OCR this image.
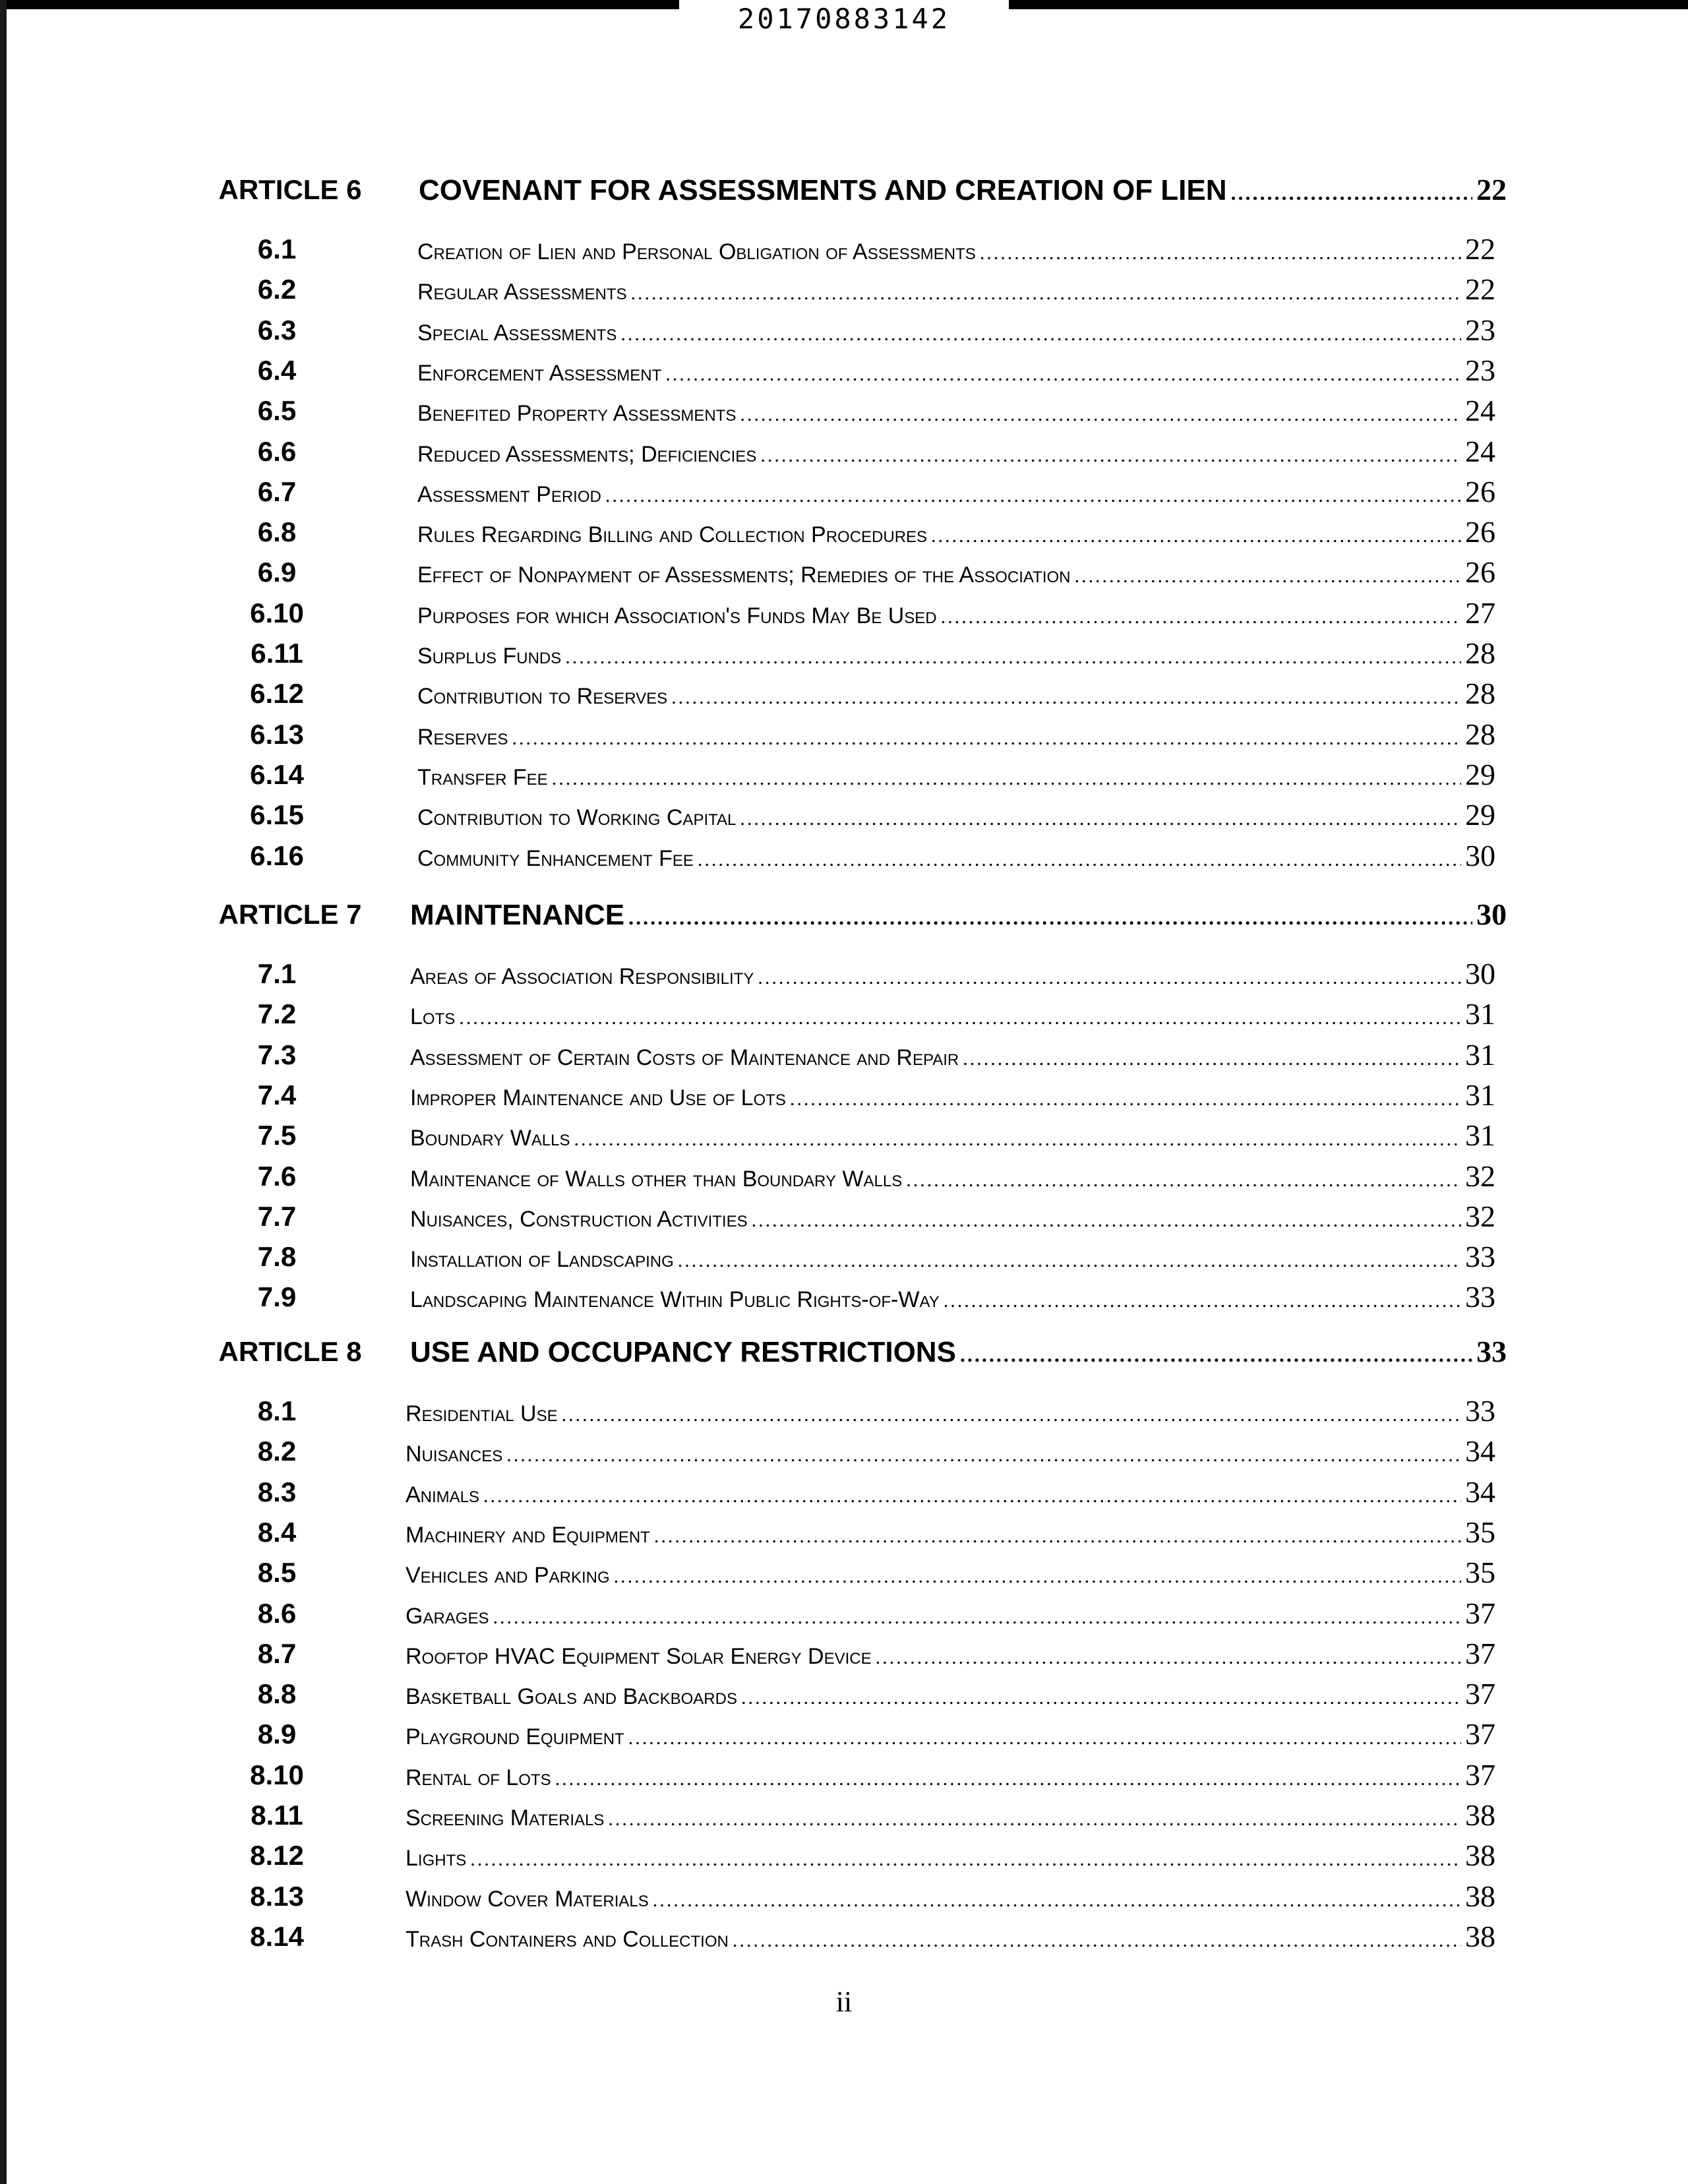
20170883142
ARTICLE 6	COVENANT FOR ASSESSMENTS AND CREATION OF LIEN .....	22
6.1	Creation of Lien and Personal Obligation of Assessments .....	22
6.2	Regular Assessments .....	22
6.3	Special Assessments .....	23
6.4	Enforcement Assessment .....	23
6.5	Benefited Property Assessments .....	24
6.6	Reduced Assessments; Deficiencies .....	24
6.7	Assessment Period .....	26
6.8	Rules Regarding Billing and Collection Procedures .....	26
6.9	Effect of Nonpayment of Assessments; Remedies of the Association .....	26
6.10	Purposes for which Association's Funds May Be Used .....	27
6.11	Surplus Funds .....	28
6.12	Contribution to Reserves .....	28
6.13	Reserves .....	28
6.14	Transfer Fee .....	29
6.15	Contribution to Working Capital .....	29
6.16	Community Enhancement Fee .....	30
ARTICLE 7	MAINTENANCE .....	30
7.1	Areas of Association Responsibility .....	30
7.2	Lots .....	31
7.3	Assessment of Certain Costs of Maintenance and Repair .....	31
7.4	Improper Maintenance and Use of Lots .....	31
7.5	Boundary Walls .....	31
7.6	Maintenance of Walls other than Boundary Walls .....	32
7.7	Nuisances, Construction Activities .....	32
7.8	Installation of Landscaping .....	33
7.9	Landscaping Maintenance Within Public Rights-of-Way .....	33
ARTICLE 8	USE AND OCCUPANCY RESTRICTIONS .....	33
8.1	Residential Use .....	33
8.2	Nuisances .....	34
8.3	Animals .....	34
8.4	Machinery and Equipment .....	35
8.5	Vehicles and Parking .....	35
8.6	Garages .....	37
8.7	Rooftop HVAC Equipment Solar Energy Device .....	37
8.8	Basketball Goals and Backboards .....	37
8.9	Playground Equipment .....	37
8.10	Rental of Lots .....	37
8.11	Screening Materials .....	38
8.12	Lights .....	38
8.13	Window Cover Materials .....	38
8.14	Trash Containers and Collection .....	38
ii
